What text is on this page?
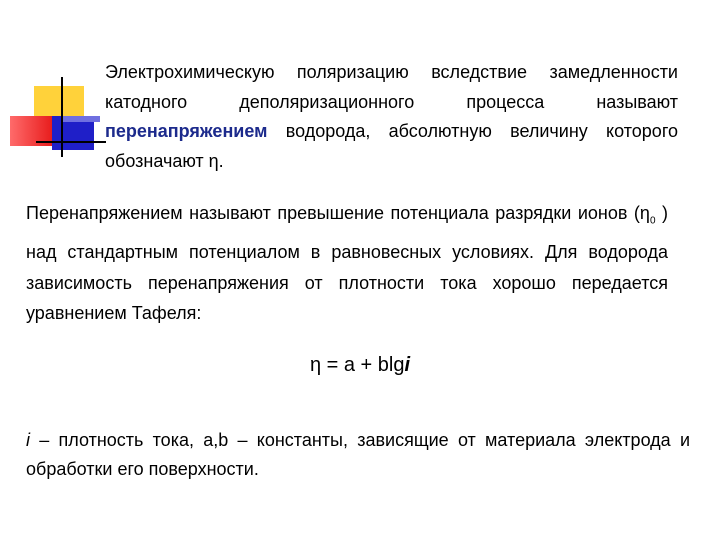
Электрохимическую поляризацию вследствие замедленности катодного деполяризационного процесса называют перенапряжением водорода, абсолютную величину которого обозначают η.

Перенапряжением называют превышение потенциала разрядки ионов ($\eta_0$ ) над стандартным потенциалом в равновесных условиях. Для водорода зависимость перенапряжения от плотности тока хорошо передается уравнением Тафеля:

η = a + blgi

i – плотность тока, a,b – константы, зависящие от материала электрода и обработки его поверхности.
